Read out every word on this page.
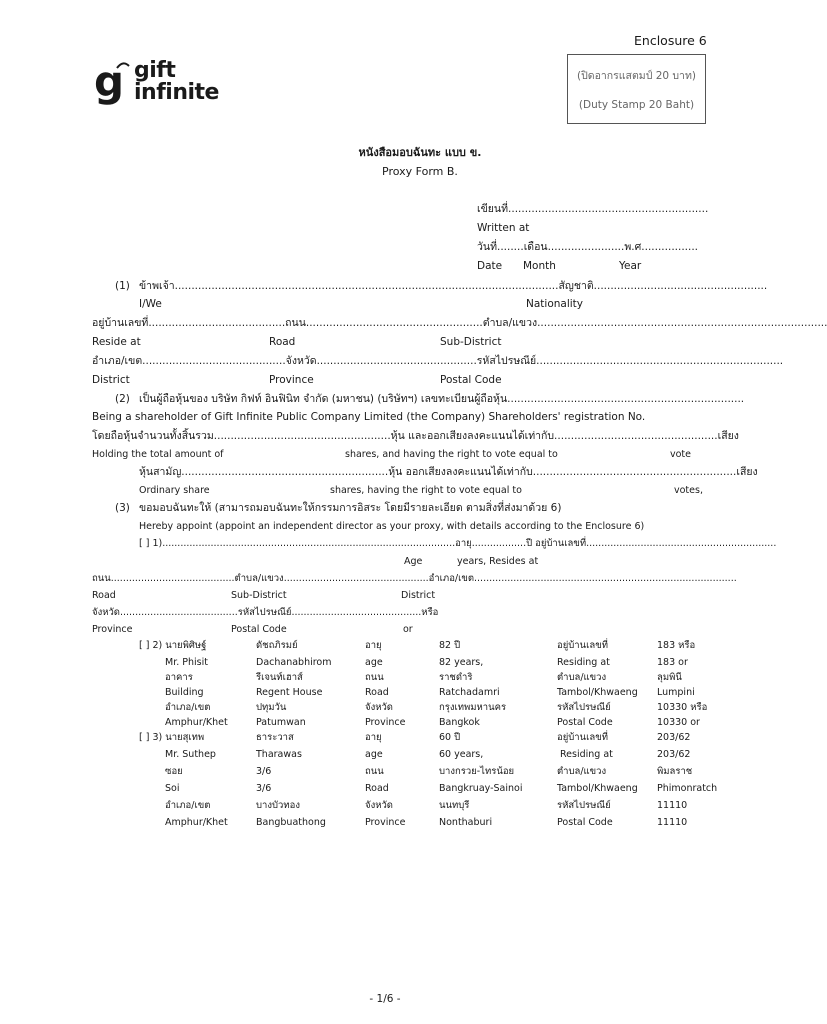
Enclosure 6
g gift
infinite
(ปิดอากรแสตมป์ 20 บาท)
(Duty Stamp 20 Baht)
หนังสือมอบฉันทะ แบบ ข.
Proxy Form B.
เขียนที่............................................................
Written at
วันที่........เดือน.......................พ.ศ.................
Date Month	Year
(1) ข้าพเจ้า...................................................................................................................สัญชาติ....................................................
I/We	Nationality
อยู่บ้านเลขที่.........................................ถนน.....................................................ตำบล/แขวง.......................................................................................
Reside at	Road	Sub-District
อำเภอ/เขต...........................................จังหวัด................................................รหัสไปรษณีย์..........................................................................
District	Province	Postal Code
(2) เป็นผู้ถือหุ้นของ บริษัท กิฟท์ อินฟินิท จำกัด (มหาชน) (บริษัทฯ) เลขทะเบียนผู้ถือหุ้น.......................................................................
Being a shareholder of Gift Infinite Public Company Limited (the Company) Shareholders' registration No.
โดยถือหุ้นจำนวนทั้งสิ้นรวม.....................................................หุ้น และออกเสียงลงคะแนนได้เท่ากับ.................................................เสียง
Holding the total amount of	shares, and having the right to vote equal to	vote
หุ้นสามัญ..............................................................หุ้น ออกเสียงลงคะแนนได้เท่ากับ.............................................................เสียง
Ordinary share	shares, having the right to vote equal to	votes,
(3) ขอมอบฉันทะให้ (สามารถมอบฉันทะให้กรรมการอิสระ โดยมีรายละเอียด ตามสิ่งที่ส่งมาด้วย 6)
Hereby appoint (appoint an independent director as your proxy, with details according to the Enclosure 6)
[ ] 1).................................................................................................อายุ..................ปี อยู่บ้านเลขที่...............................................................
Age	years, Resides at
ถนน.........................................ตำบล/แขวง................................................อำเภอ/เขต.......................................................................................
Road	Sub-District	District
จังหวัด.......................................รหัสไปรษณีย์...........................................หรือ
Province	Postal Code	or
[ ] 2) นายพิศิษฐ์	ดัชถภิรมย์	อายุ	82 ปี	อยู่บ้านเลขที่	183 หรือ
Mr. Phisit	Dachanabhirom	age	82 years,	Residing at	183 or
อาคาร	รีเจนท์เฮาส์	ถนน	ราชดำริ	ตำบล/แขวง	ลุมพินี
Building	Regent House	Road	Ratchadamri	Tambol/Khwaeng Lumpini
อำเภอ/เขต	ปทุมวัน	จังหวัด	กรุงเทพมหานคร	รหัสไปรษณีย์	10330 หรือ
Amphur/Khet	Patumwan	Province	Bangkok	Postal Code	10330 or
[ ] 3) นายสุเทพ	ธาระวาส	อายุ	60 ปี	อยู่บ้านเลขที่	203/62
Mr. Suthep	Tharawas	age	60 years,	Residing at	203/62
ซอย	3/6	ถนน	บางกรวย-ไทรน้อย	ตำบล/แขวง	พิมลราช
Soi	3/6	Road	Bangkruay-Sainoi	Tambol/Khwaeng Phimonratch
อำเภอ/เขต	บางบัวทอง	จังหวัด	นนทบุรี	รหัสไปรษณีย์	11110
Amphur/Khet	Bangbuathong	Province	Nonthaburi	Postal Code	11110
- 1/6 -
